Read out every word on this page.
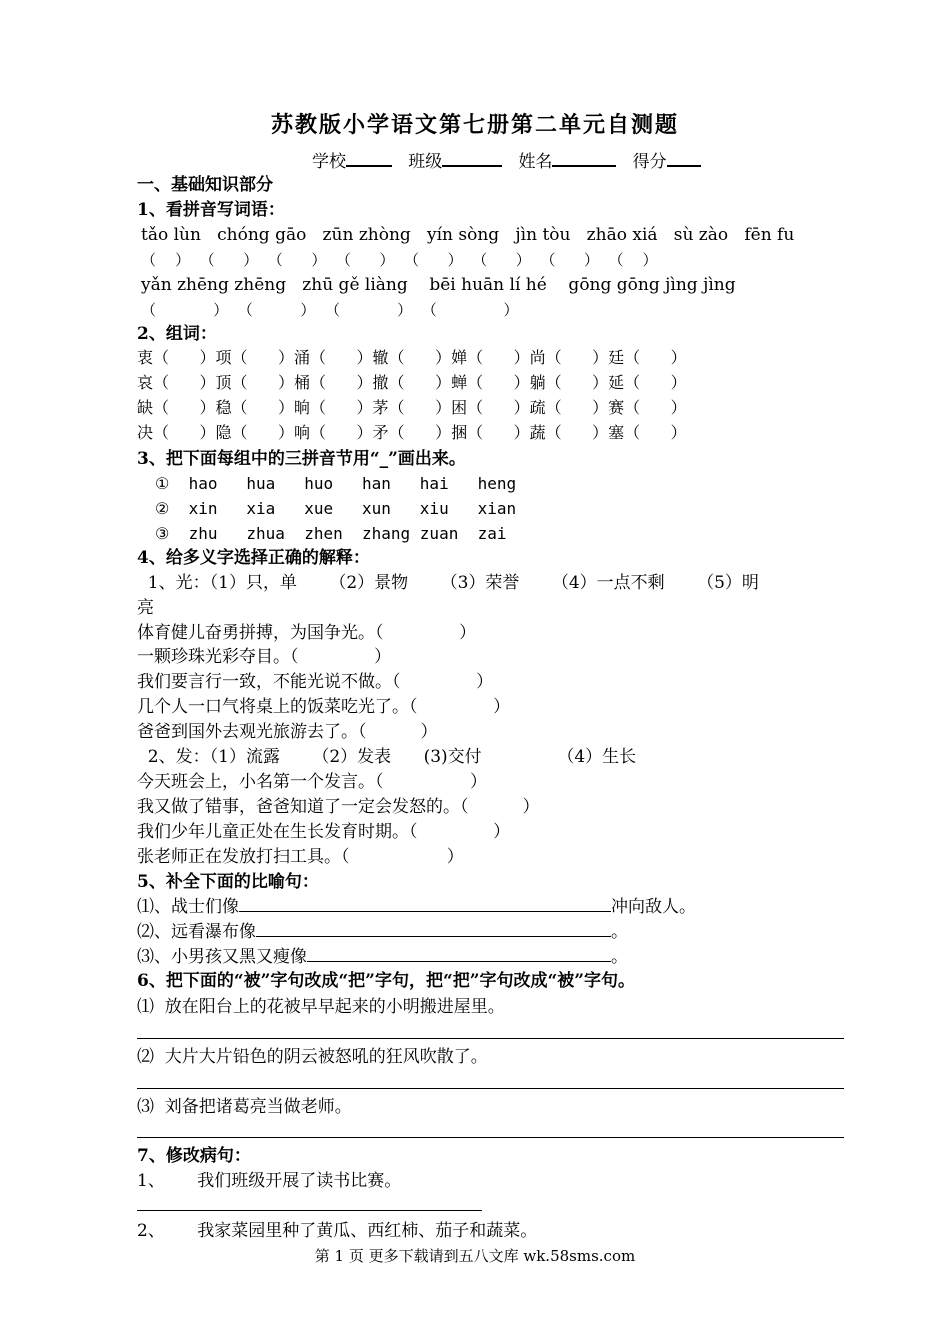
苏教版小学语文第七册第二单元自测题
学校	班级	姓名	得分
一、基础知识部分
1、看拼音写词语：
tǎo lùn   chóng gāo   zūn zhòng   yín sòng   jìn tòu   zhāo xiá   sù zào   fēn fu
（    ）  （      ）  （      ）  （      ）  （      ）  （      ）  （      ）  （    ）
yǎn zhēng zhēng   zhū gě liàng    bēi huān lí hé    gōng gōng jìng jìng
（            ）  （          ）  （            ）  （              ）
2、组词：
衷（      ）项（      ）涌（      ）辙（      ）婵（      ）尚（      ）廷（      ）
哀（      ）顶（      ）桶（      ）撤（      ）蝉（      ）躺（      ）延（      ）
缺（      ）稳（      ）晌（      ）茅（      ）困（      ）疏（      ）赛（      ）
决（      ）隐（      ）响（      ）矛（      ）捆（      ）蔬（      ）塞（      ）
3、把下面每组中的三拼音节用“_”画出来。
①  hao   hua   huo   han   hai   heng
②  xin   xia   xue   xun   xiu   xian
③  zhu   zhua  zhen  zhang zuan  zai
4、给多义字选择正确的解释：
1、光：（1）只，单      （2）景物      （3）荣誉      （4）一点不剩      （5）明
亮
体育健儿奋勇拼搏，为国争光。（              ）
一颗珍珠光彩夺目。（              ）
我们要言行一致，不能光说不做。（              ）
几个人一口气将桌上的饭菜吃光了。（              ）
爸爸到国外去观光旅游去了。（          ）
2、发：（1）流露      （2）发表      (3)交付              （4）生长
今天班会上，小名第一个发言。（                ）
我又做了错事，爸爸知道了一定会发怒的。（          ）
我们少年儿童正处在生长发育时期。（              ）
张老师正在发放打扫工具。（                  ）
5、补全下面的比喻句：
⑴、战士们像	冲向敌人。
⑵、远看瀑布像	。
⑶、小男孩又黑又瘦像	。
6、把下面的“被”字句改成“把”字句，把“把”字句改成“被”字句。
⑴  放在阳台上的花被早早起来的小明搬进屋里。
⑵  大片大片铅色的阴云被怒吼的狂风吹散了。
⑶  刘备把诸葛亮当做老师。
7、修改病句：
1、      我们班级开展了读书比赛。
2、      我家菜园里种了黄瓜、西红柿、茄子和蔬菜。
第 1 页 更多下载请到五八文库 wk.58sms.com
